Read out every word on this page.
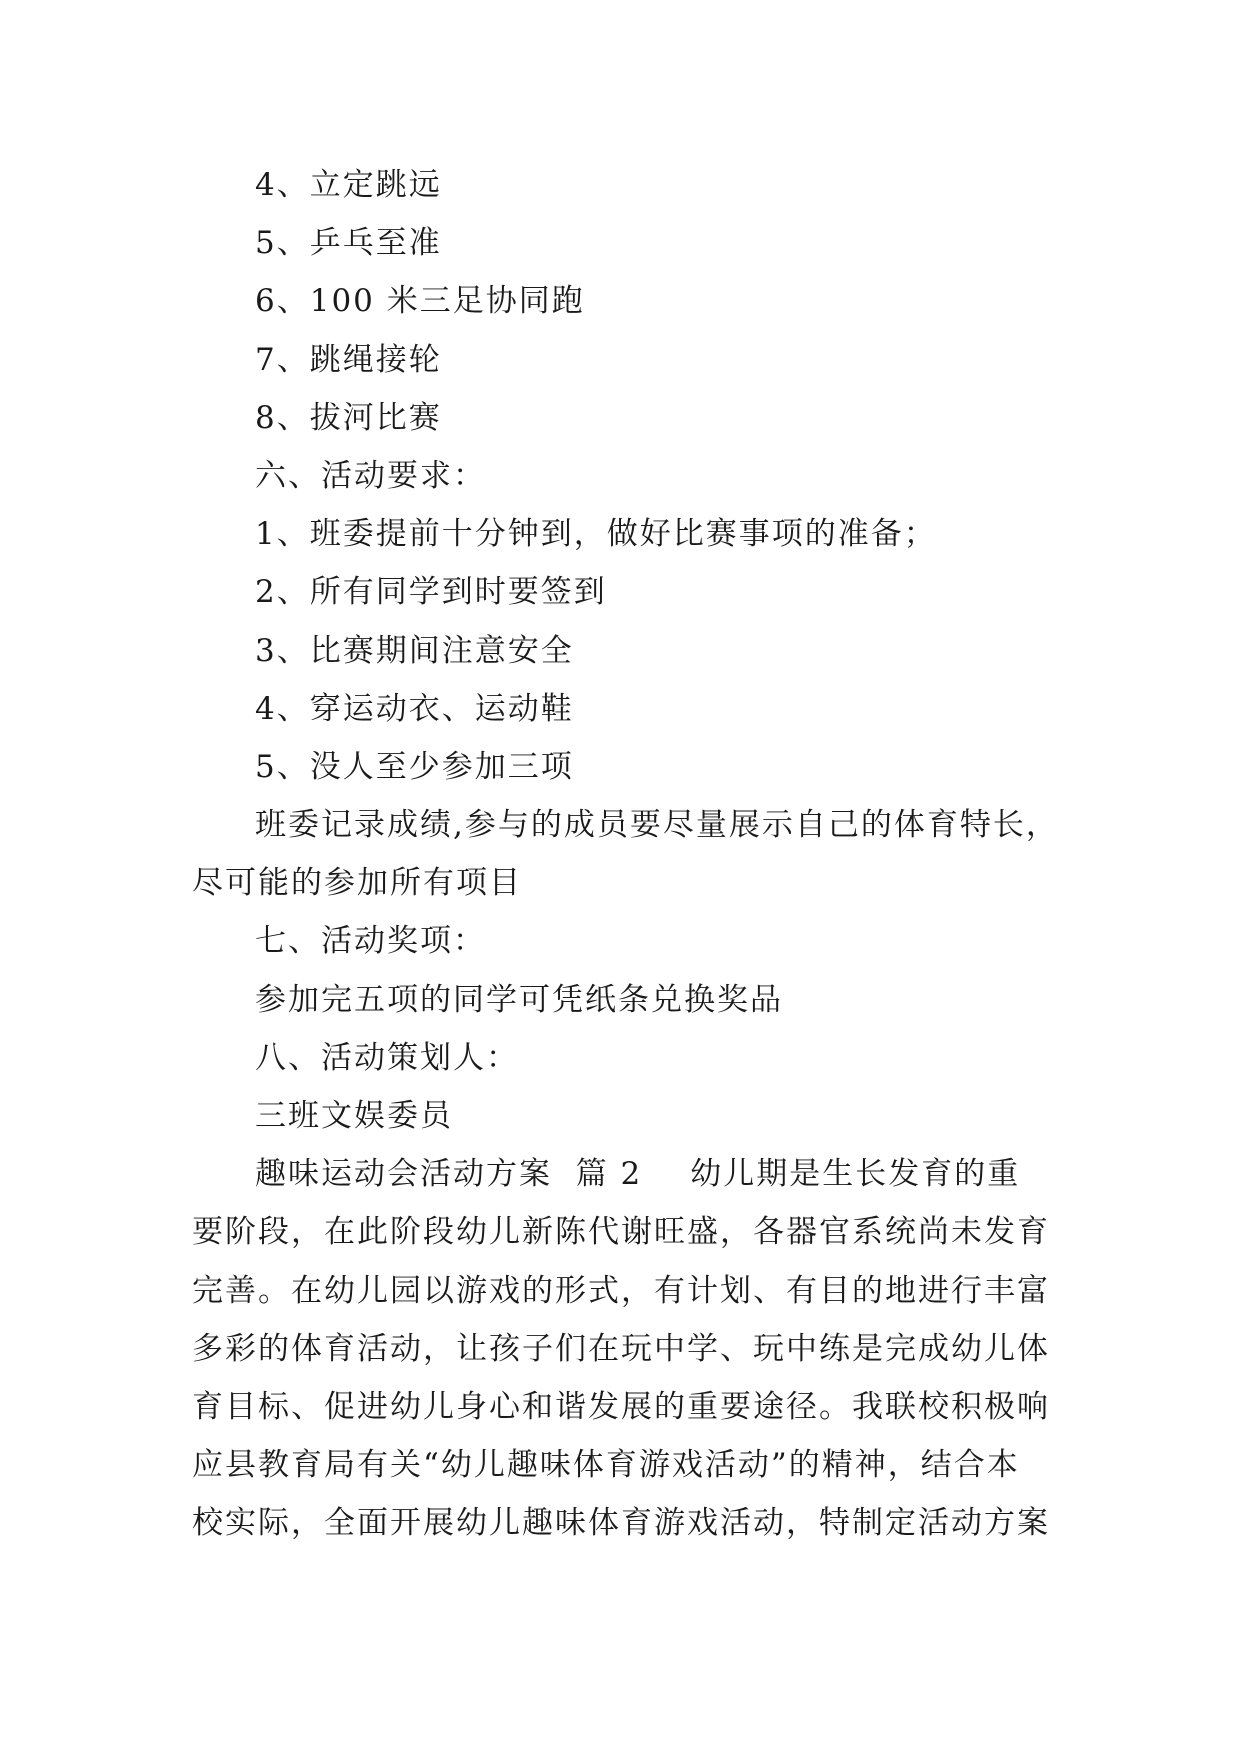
4、立定跳远
5、乒乓至准
6、100 米三足协同跑
7、跳绳接轮
8、拔河比赛
六、活动要求：
1、班委提前十分钟到，做好比赛事项的准备；
2、所有同学到时要签到
3、比赛期间注意安全
4、穿运动衣、运动鞋
5、没人至少参加三项
班委记录成绩,参与的成员要尽量展示自己的体育特长，
尽可能的参加所有项目
七、活动奖项：
参加完五项的同学可凭纸条兑换奖品
八、活动策划人：
三班文娱委员
趣味运动会活动方案  篇 2 幼儿期是生长发育的重
要阶段，在此阶段幼儿新陈代谢旺盛，各器官系统尚未发育
完善。在幼儿园以游戏的形式，有计划、有目的地进行丰富
多彩的体育活动，让孩子们在玩中学、玩中练是完成幼儿体
育目标、促进幼儿身心和谐发展的重要途径。我联校积极响
应县教育局有关“幼儿趣味体育游戏活动”的精神，结合本
校实际，全面开展幼儿趣味体育游戏活动，特制定活动方案
